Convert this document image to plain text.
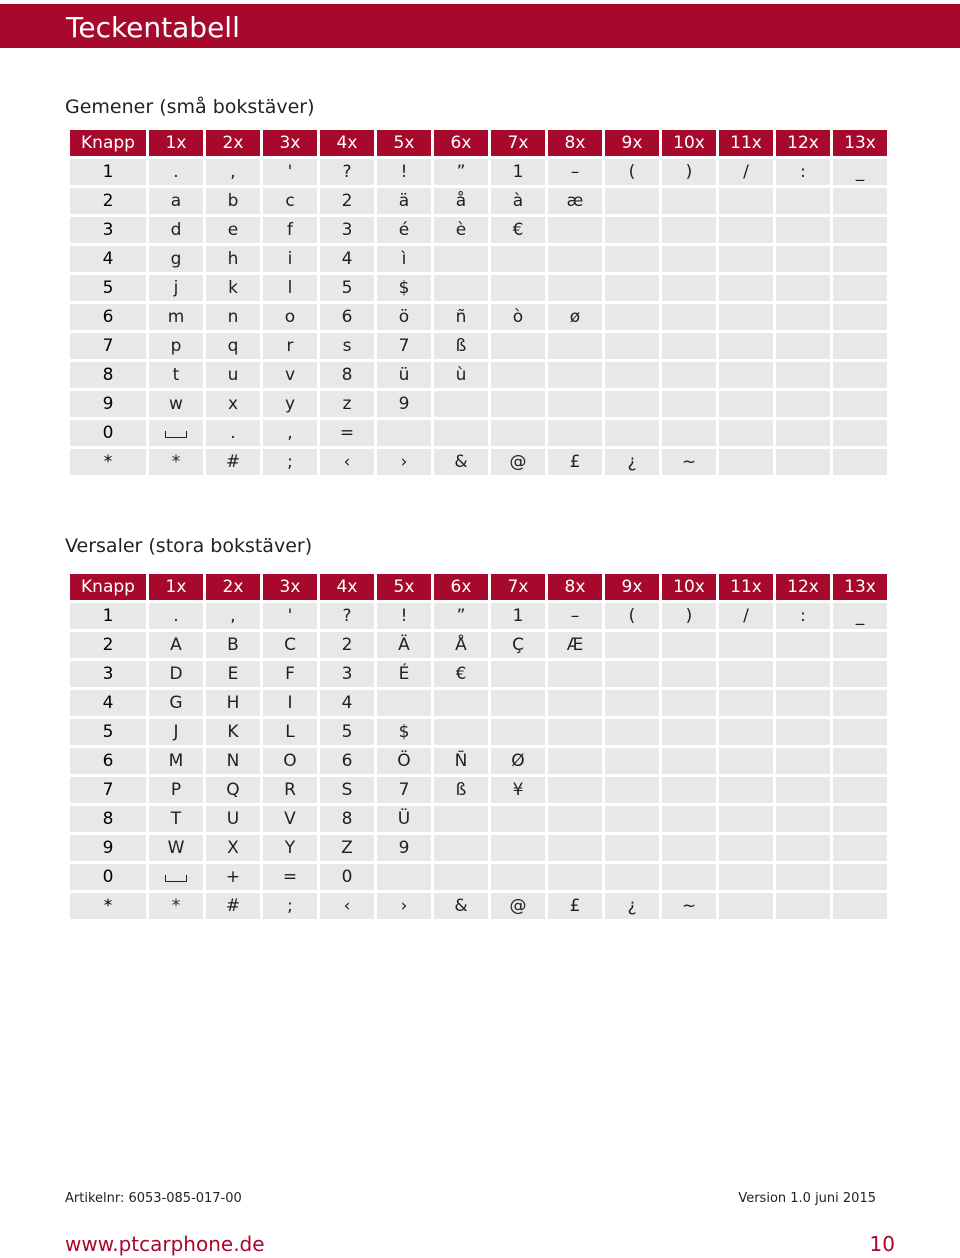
Teckentabell
Gemener (små bokstäver)
Knapp	1x	2x	3x	4x	5x	6x	7x	8x	9x	10x	11x	12x	13x
1	.	,	'	?	!	”	1	–	(	)	/	:	_
2	a	b	c	2	ä	å	à	æ					
3	d	e	f	3	é	è	€						
4	g	h	i	4	ì								
5	j	k	l	5	$								
6	m	n	o	6	ö	ñ	ò	ø					
7	p	q	r	s	7	ß							
8	t	u	v	8	ü	ù							
9	w	x	y	z	9								
0		.	,	=									
*	*	#	;	‹	›	&	@	£	¿	~			
Versaler (stora bokstäver)
Knapp	1x	2x	3x	4x	5x	6x	7x	8x	9x	10x	11x	12x	13x
1	.	,	'	?	!	”	1	–	(	)	/	:	_
2	A	B	C	2	Ä	Å	Ç	Æ					
3	D	E	F	3	É	€							
4	G	H	I	4									
5	J	K	L	5	$								
6	M	N	O	6	Ö	Ñ	Ø						
7	P	Q	R	S	7	ß	¥						
8	T	U	V	8	Ü								
9	W	X	Y	Z	9								
0		+	=	0									
*	*	#	;	‹	›	&	@	£	¿	~			
Artikelnr: 6053-085-017-00	Version 1.0 juni 2015
www.ptcarphone.de	10
